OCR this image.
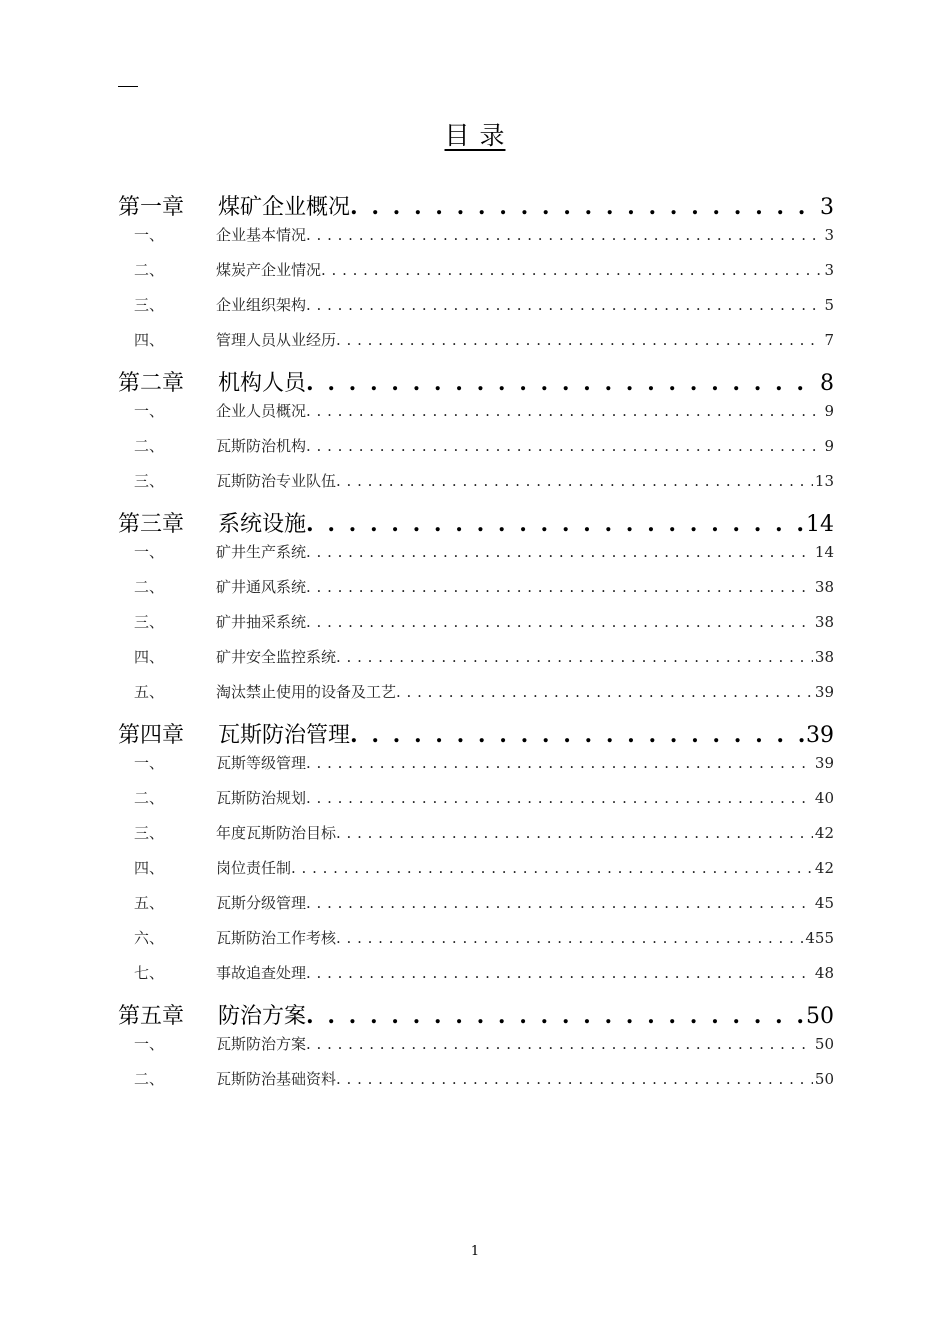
目 录
第一章	煤矿企业概况 . . .	3
一、	企业基本情况 . . .	3
二、	煤炭产企业情况 . . .	3
三、	企业组织架构 . . .	5
四、	管理人员从业经历 . . .	7
第二章	机构人员 . . .	8
一、	企业人员概况 . . .	9
二、	瓦斯防治机构 . . .	9
三、	瓦斯防治专业队伍 . . .	13
第三章	系统设施 . . .	14
一、	矿井生产系统 . . .	14
二、	矿井通风系统 . . .	38
三、	矿井抽采系统 . . .	38
四、	矿井安全监控系统 . . .	38
五、	淘汰禁止使用的设备及工艺 . . .	39
第四章	瓦斯防治管理 . . .	39
一、	瓦斯等级管理 . . .	39
二、	瓦斯防治规划 . . .	40
三、	年度瓦斯防治目标 . . .	42
四、	岗位责任制 . . .	42
五、	瓦斯分级管理 . . .	45
六、	瓦斯防治工作考核 . . .	455
七、	事故追查处理 . . .	48
第五章	防治方案 . . .	50
一、	瓦斯防治方案 . . .	50
二、	瓦斯防治基础资料 . . .	50
1
